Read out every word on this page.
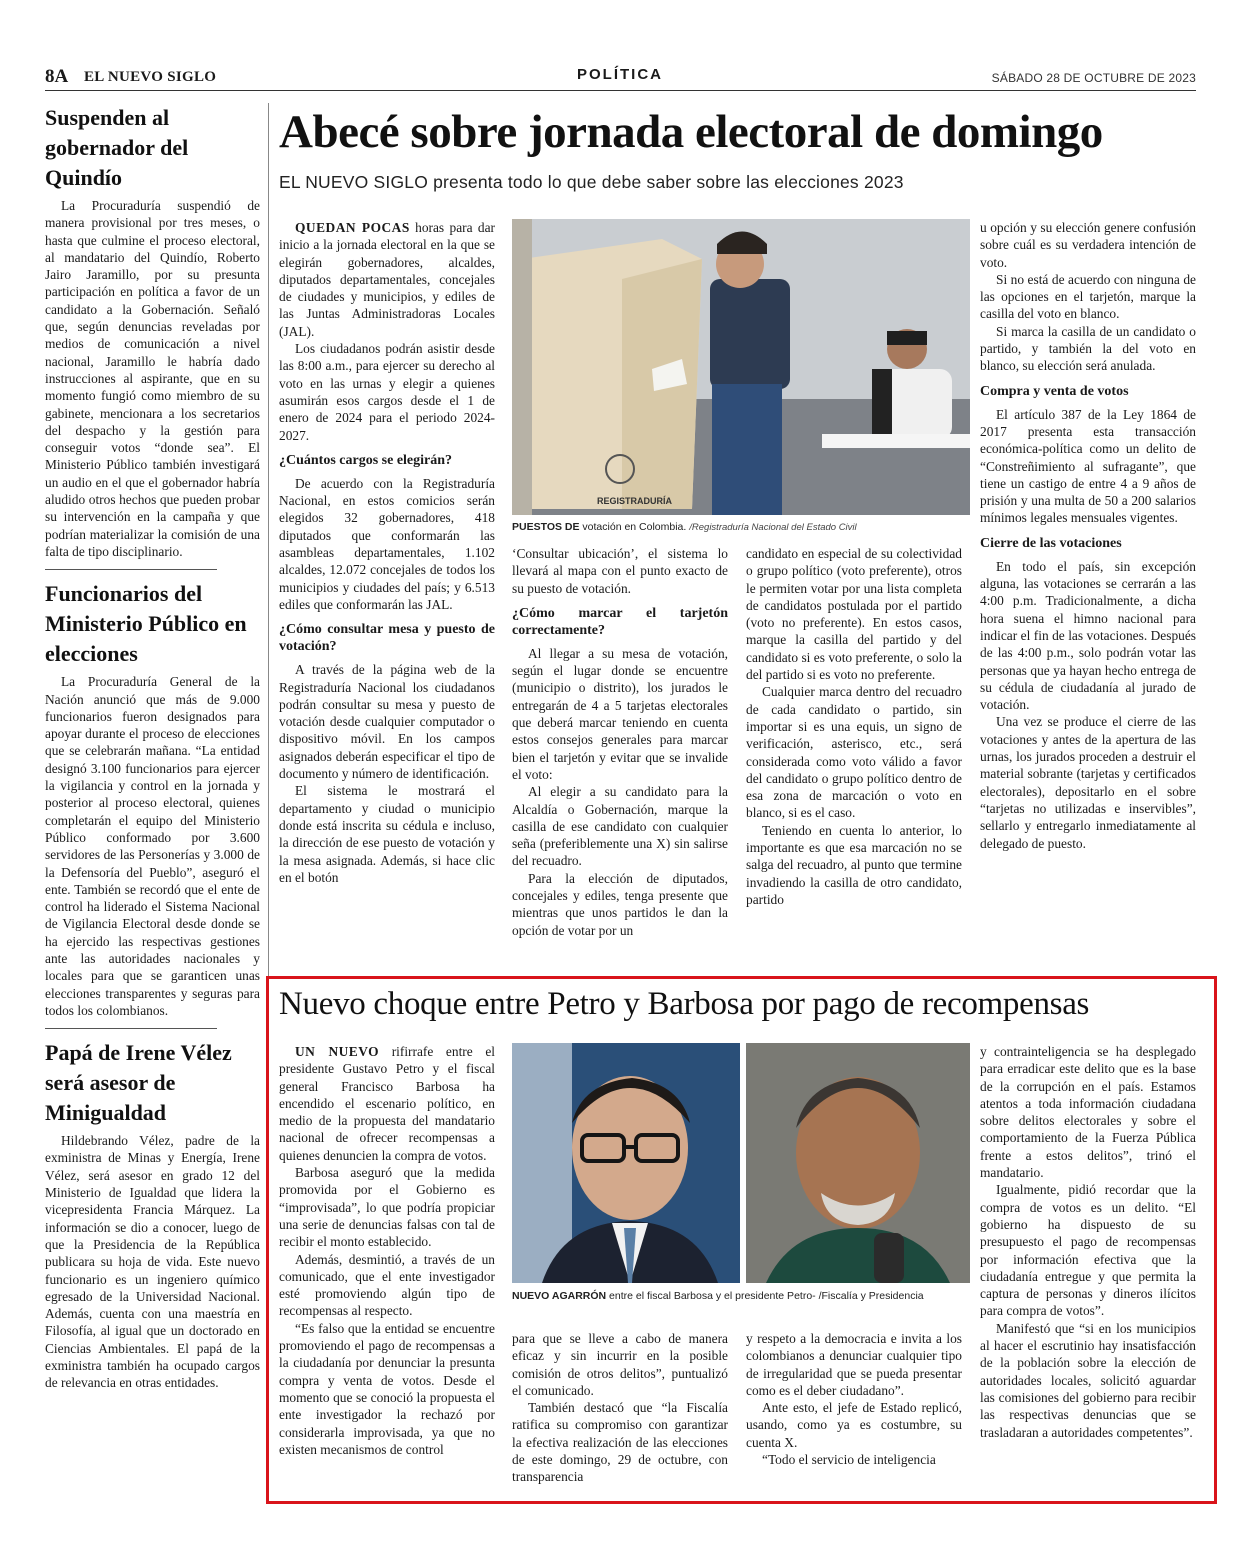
8A EL NUEVO SIGLO	POLÍTICA	SÁBADO 28 DE OCTUBRE DE 2023
Suspenden al gobernador del Quindío

La Procuraduría suspendió de manera provisional por tres meses, o hasta que culmine el proceso electoral, al mandatario del Quindío, Roberto Jairo Jaramillo, por su presunta participación en política a favor de un candidato a la Gobernación. Señaló que, según denuncias reveladas por medios de comunicación a nivel nacional, Jaramillo le habría dado instrucciones al aspirante, que en su momento fungió como miembro de su gabinete, mencionara a los secretarios del despacho y la gestión para conseguir votos “donde sea”. El Ministerio Público también investigará un audio en el que el gobernador habría aludido otros hechos que pueden probar su intervención en la campaña y que podrían materializar la comisión de una falta de tipo disciplinario.

Funcionarios del Ministerio Público en elecciones

La Procuraduría General de la Nación anunció que más de 9.000 funcionarios fueron designados para apoyar durante el proceso de elecciones que se celebrarán mañana. “La entidad designó 3.100 funcionarios para ejercer la vigilancia y control en la jornada y posterior al proceso electoral, quienes completarán el equipo del Ministerio Público conformado por 3.600 servidores de las Personerías y 3.000 de la Defensoría del Pueblo”, aseguró el ente. También se recordó que el ente de control ha liderado el Sistema Nacional de Vigilancia Electoral desde donde se ha ejercido las respectivas gestiones ante las autoridades nacionales y locales para que se garanticen unas elecciones transparentes y seguras para todos los colombianos.

Papá de Irene Vélez será asesor de Minigualdad

Hildebrando Vélez, padre de la exministra de Minas y Energía, Irene Vélez, será asesor en grado 12 del Ministerio de Igualdad que lidera la vicepresidenta Francia Márquez. La información se dio a conocer, luego de que la Presidencia de la República publicara su hoja de vida. Este nuevo funcionario es un ingeniero químico egresado de la Universidad Nacional. Además, cuenta con una maestría en Filosofía, al igual que un doctorado en Ciencias Ambientales. El papá de la exministra también ha ocupado cargos de relevancia en otras entidades.

Abecé sobre jornada electoral de domingo
EL NUEVO SIGLO presenta todo lo que debe saber sobre las elecciones 2023

QUEDAN POCAS horas para dar inicio a la jornada electoral en la que se elegirán gobernadores, alcaldes, diputados departamentales, concejales de ciudades y municipios, y ediles de las Juntas Administradoras Locales (JAL).

Los ciudadanos podrán asistir desde las 8:00 a.m., para ejercer su derecho al voto en las urnas y elegir a quienes asumirán esos cargos desde el 1 de enero de 2024 para el periodo 2024-2027.

¿Cuántos cargos se elegirán?

De acuerdo con la Registraduría Nacional, en estos comicios serán elegidos 32 gobernadores, 418 diputados que conformarán las asambleas departamentales, 1.102 alcaldes, 12.072 concejales de todos los municipios y ciudades del país; y 6.513 ediles que conformarán las JAL.

¿Cómo consultar mesa y puesto de votación?

A través de la página web de la Registraduría Nacional los ciudadanos podrán consultar su mesa y puesto de votación desde cualquier computador o dispositivo móvil. En los campos asignados deberán especificar el tipo de documento y número de identificación.

El sistema le mostrará el departamento y ciudad o municipio donde está inscrita su cédula e incluso, la dirección de ese puesto de votación y la mesa asignada. Además, si hace clic en el botón

REGISTRADURÍA
PUESTOS DE votación en Colombia. /Registraduría Nacional del Estado Civil

‘Consultar ubicación’, el sistema lo llevará al mapa con el punto exacto de su puesto de votación.

¿Cómo marcar el tarjetón correctamente?

Al llegar a su mesa de votación, según el lugar donde se encuentre (municipio o distrito), los jurados le entregarán de 4 a 5 tarjetas electorales que deberá marcar teniendo en cuenta estos consejos generales para marcar bien el tarjetón y evitar que se invalide el voto:

Al elegir a su candidato para la Alcaldía o Gobernación, marque la casilla de ese candidato con cualquier seña (preferiblemente una X) sin salirse del recuadro.

Para la elección de diputados, concejales y ediles, tenga presente que mientras que unos partidos le dan la opción de votar por un

candidato en especial de su colectividad o grupo político (voto preferente), otros le permiten votar por una lista completa de candidatos postulada por el partido (voto no preferente). En estos casos, marque la casilla del partido y del candidato si es voto preferente, o solo la del partido si es voto no preferente.

Cualquier marca dentro del recuadro de cada candidato o partido, sin importar si es una equis, un signo de verificación, asterisco, etc., será considerada como voto válido a favor del candidato o grupo político dentro de esa zona de marcación o voto en blanco, si es el caso.

Teniendo en cuenta lo anterior, lo importante es que esa marcación no se salga del recuadro, al punto que termine invadiendo la casilla de otro candidato, partido

u opción y su elección genere confusión sobre cuál es su verdadera intención de voto.

Si no está de acuerdo con ninguna de las opciones en el tarjetón, marque la casilla del voto en blanco.

Si marca la casilla de un candidato o partido, y también la del voto en blanco, su elección será anulada.

Compra y venta de votos

El artículo 387 de la Ley 1864 de 2017 presenta esta transacción económica-política como un delito de “Constreñimiento al sufragante”, que tiene un castigo de entre 4 a 9 años de prisión y una multa de 50 a 200 salarios mínimos legales mensuales vigentes.

Cierre de las votaciones

En todo el país, sin excepción alguna, las votaciones se cerrarán a las 4:00 p.m. Tradicionalmente, a dicha hora suena el himno nacional para indicar el fin de las votaciones. Después de las 4:00 p.m., solo podrán votar las personas que ya hayan hecho entrega de su cédula de ciudadanía al jurado de votación.

Una vez se produce el cierre de las votaciones y antes de la apertura de las urnas, los jurados proceden a destruir el material sobrante (tarjetas y certificados electorales), depositarlo en el sobre “tarjetas no utilizadas e inservibles”, sellarlo y entregarlo inmediatamente al delegado de puesto.

Nuevo choque entre Petro y Barbosa por pago de recompensas

UN NUEVO rifirrafe entre el presidente Gustavo Petro y el fiscal general Francisco Barbosa ha encendido el escenario político, en medio de la propuesta del mandatario nacional de ofrecer recompensas a quienes denuncien la compra de votos.

Barbosa aseguró que la medida promovida por el Gobierno es “improvisada”, lo que podría propiciar una serie de denuncias falsas con tal de recibir el monto establecido.

Además, desmintió, a través de un comunicado, que el ente investigador esté promoviendo algún tipo de recompensas al respecto.

“Es falso que la entidad se encuentre promoviendo el pago de recompensas a la ciudadanía por denunciar la presunta compra y venta de votos. Desde el momento que se conoció la propuesta el ente investigador la rechazó por considerarla improvisada, ya que no existen mecanismos de control

NUEVO AGARRÓN entre el fiscal Barbosa y el presidente Petro- /Fiscalía y Presidencia

para que se lleve a cabo de manera eficaz y sin incurrir en la posible comisión de otros delitos”, puntualizó el comunicado.

También destacó que “la Fiscalía ratifica su compromiso con garantizar la efectiva realización de las elecciones de este domingo, 29 de octubre, con transparencia

y respeto a la democracia e invita a los colombianos a denunciar cualquier tipo de irregularidad que se pueda presentar como es el deber ciudadano”.

Ante esto, el jefe de Estado replicó, usando, como ya es costumbre, su cuenta X.

“Todo el servicio de inteligencia

y contrainteligencia se ha desplegado para erradicar este delito que es la base de la corrupción en el país. Estamos atentos a toda información ciudadana sobre delitos electorales y sobre el comportamiento de la Fuerza Pública frente a estos delitos”, trinó el mandatario.

Igualmente, pidió recordar que la compra de votos es un delito. “El gobierno ha dispuesto de su presupuesto el pago de recompensas por información efectiva que la ciudadanía entregue y que permita la captura de personas y dineros ilícitos para compra de votos”.

Manifestó que “si en los municipios al hacer el escrutinio hay insatisfacción de la población sobre la elección de autoridades locales, solicitó aguardar las comisiones del gobierno para recibir las respectivas denuncias que se trasladaran a autoridades competentes”.
